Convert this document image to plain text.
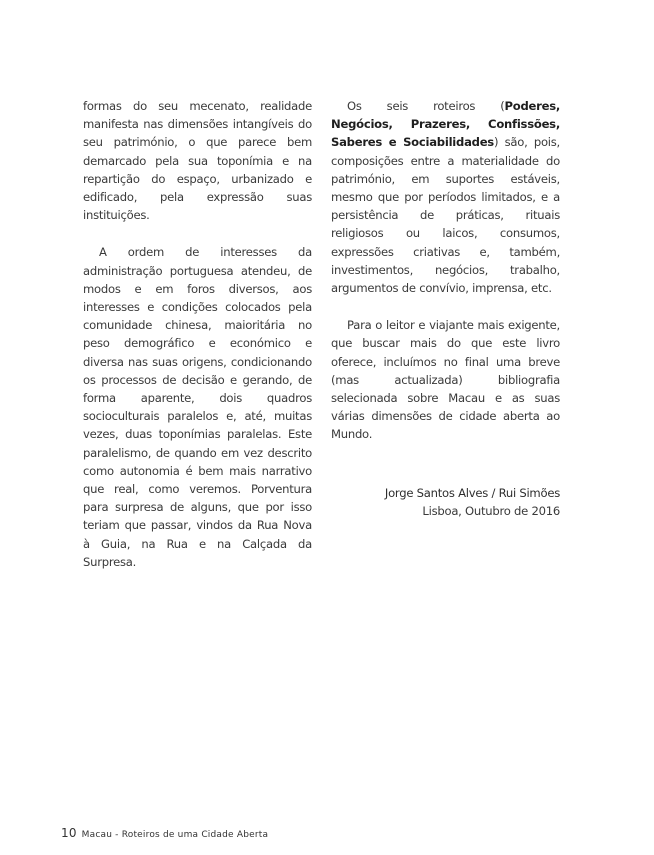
formas do seu mecenato, realidade manifesta nas dimensões intangíveis do seu património, o que parece bem demarcado pela sua toponímia e na repartição do espaço, urbanizado e edificado, pela expressão suas instituições.

A ordem de interesses da administração portuguesa atendeu, de modos e em foros diversos, aos interesses e condições colocados pela comunidade chinesa, maioritária no peso demográfico e económico e diversa nas suas origens, condicionando os processos de decisão e gerando, de forma aparente, dois quadros socioculturais paralelos e, até, muitas vezes, duas toponímias paralelas. Este paralelismo, de quando em vez descrito como autonomia é bem mais narrativo que real, como veremos. Porventura para surpresa de alguns, que por isso teriam que passar, vindos da Rua Nova à Guia, na Rua e na Calçada da Surpresa.

Os seis roteiros (Poderes, Negócios, Prazeres, Confissões, Saberes e Sociabilidades) são, pois, composições entre a materialidade do património, em suportes estáveis, mesmo que por períodos limitados, e a persistência de práticas, rituais religiosos ou laicos, consumos, expressões criativas e, também, investimentos, negócios, trabalho, argumentos de convívio, imprensa, etc.

Para o leitor e viajante mais exigente, que buscar mais do que este livro oferece, incluímos no final uma breve (mas actualizada) bibliografia selecionada sobre Macau e as suas várias dimensões de cidade aberta ao Mundo.

Jorge Santos Alves / Rui Simões
Lisboa, Outubro de 2016

10 Macau - Roteiros de uma Cidade Aberta
